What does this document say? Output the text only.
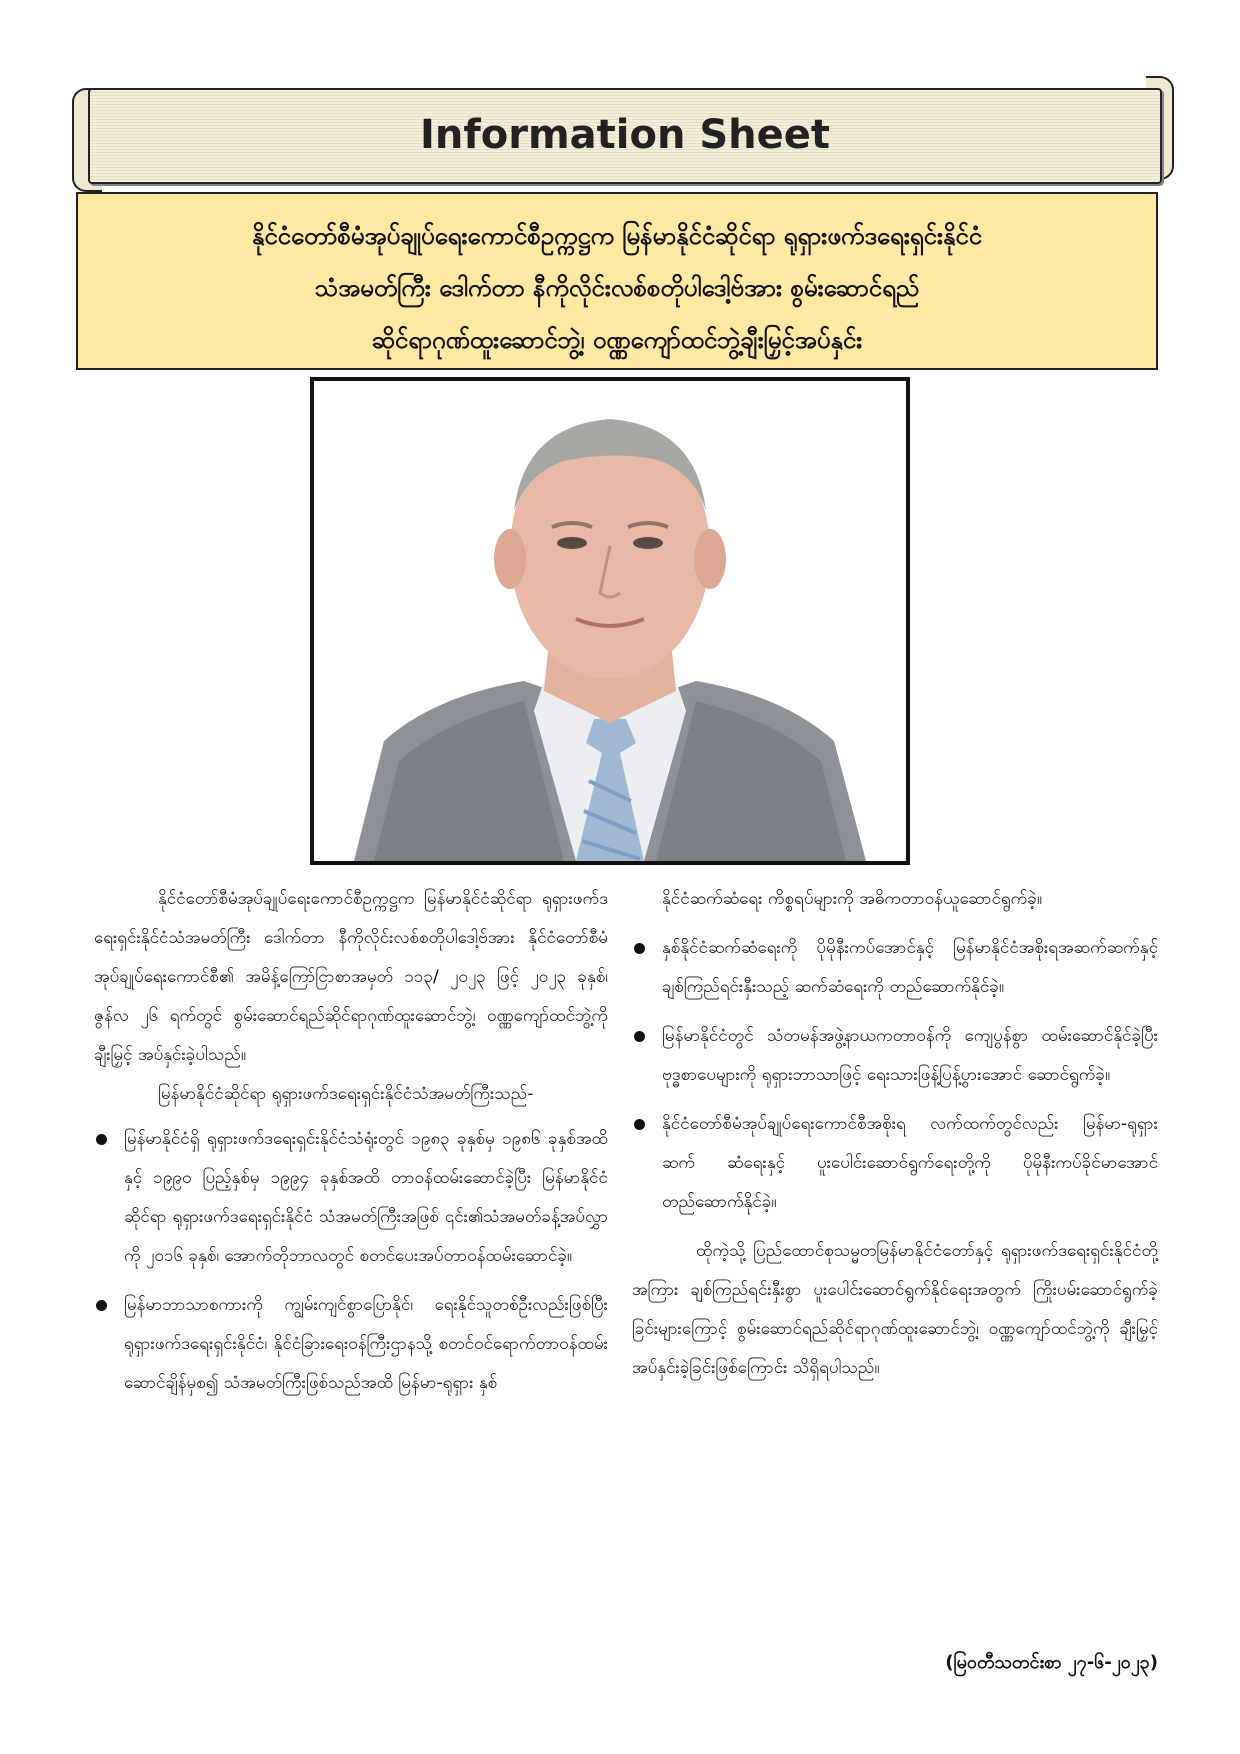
Information Sheet
နိုင်ငံတော်စီမံအုပ်ချုပ်ရေးကောင်စီဥက္ကဋ္ဌက မြန်မာနိုင်ငံဆိုင်ရာ ရုရှားဖက်ဒရေးရှင်းနိုင်ငံ
သံအမတ်ကြီး ဒေါက်တာ နီကိုလိုင်းလစ်စတိုပါဒေါ့ဗ်အား စွမ်းဆောင်ရည်
ဆိုင်ရာဂုဏ်ထူးဆောင်ဘွဲ့၊ ဝဏ္ဏကျော်ထင်ဘွဲ့ချီးမြှင့်အပ်နှင်း

နိုင်ငံတော်စီမံအုပ်ချုပ်ရေးကောင်စီဥက္ကဋ္ဌက မြန်မာနိုင်ငံဆိုင်ရာ ရုရှားဖက်ဒရေးရှင်းနိုင်ငံသံအမတ်ကြီး ဒေါက်တာ နီကိုလိုင်းလစ်စတိုပါဒေါ့ဗ်အား နိုင်ငံတော်စီမံအုပ်ချုပ်ရေးကောင်စီ၏ အမိန့်ကြော်ငြာစာအမှတ် ၁၁၃/ ၂၀၂၃ ဖြင့် ၂၀၂၃ ခုနှစ်၊ ဇွန်လ ၂၆ ရက်တွင် စွမ်းဆောင်ရည်ဆိုင်ရာဂုဏ်ထူးဆောင်ဘွဲ့၊ ဝဏ္ဏကျော်ထင်ဘွဲ့ကို ချီးမြှင့် အပ်နှင်းခဲ့ပါသည်။

မြန်မာနိုင်ငံဆိုင်ရာ ရုရှားဖက်ဒရေးရှင်းနိုင်ငံသံအမတ်ကြီးသည်-

မြန်မာနိုင်ငံရှိ ရုရှားဖက်ဒရေးရှင်းနိုင်ငံသံရုံးတွင် ၁၉၈၃ ခုနှစ်မှ ၁၉၈၆ ခုနှစ်အထိနှင့် ၁၉၉၀ ပြည့်နှစ်မှ ၁၉၉၄ ခုနှစ်အထိ တာဝန်ထမ်းဆောင်ခဲ့ပြီး မြန်မာနိုင်ငံဆိုင်ရာ ရုရှားဖက်ဒရေးရှင်းနိုင်ငံ သံအမတ်ကြီးအဖြစ် ၎င်း၏သံအမတ်ခန့်အပ်လွှာကို ၂၀၁၆ ခုနှစ်၊ အောက်တိုဘာလတွင် စတင်ပေးအပ်တာဝန်ထမ်းဆောင်ခဲ့။
မြန်မာဘာသာစကားကို ကျွမ်းကျင်စွာပြောနိုင်၊ ရေးနိုင်သူတစ်ဦးလည်းဖြစ်ပြီး ရုရှားဖက်ဒရေးရှင်းနိုင်ငံ၊ နိုင်ငံခြားရေးဝန်ကြီးဌာနသို့ စတင်ဝင်ရောက်တာဝန်ထမ်းဆောင်ချိန်မှစ၍ သံအမတ်ကြီးဖြစ်သည်အထိ မြန်မာ-ရုရှား နှစ်
နိုင်ငံဆက်ဆံရေး ကိစ္စရပ်များကို အဓိကတာဝန်ယူဆောင်ရွက်ခဲ့။
နှစ်နိုင်ငံဆက်ဆံရေးကို ပိုမိုနီးကပ်အောင်နှင့် မြန်မာနိုင်ငံအစိုးရအဆက်ဆက်နှင့် ချစ်ကြည်ရင်းနှီးသည့် ဆက်ဆံရေးကို တည်ဆောက်နိုင်ခဲ့။
မြန်မာနိုင်ငံတွင် သံတမန်အဖွဲ့နာယကတာဝန်ကို ကျေပွန်စွာ ထမ်းဆောင်နိုင်ခဲ့ပြီး ဗုဒ္ဓစာပေများကို ရုရှားဘာသာဖြင့် ရေးသားဖြန့်ပြန့်ပွားအောင် ဆောင်ရွက်ခဲ့။
နိုင်ငံတော်စီမံအုပ်ချုပ်ရေးကောင်စီအစိုးရ လက်ထက်တွင်လည်း မြန်မာ-ရုရှား ဆက် ဆံရေးနှင့် ပူးပေါင်းဆောင်ရွက်ရေးတို့ကို ပိုမိုနီးကပ်ခိုင်မာအောင် တည်ဆောက်နိုင်ခဲ့။

ထိုကဲ့သို့ ပြည်ထောင်စုသမ္မတမြန်မာနိုင်ငံတော်နှင့် ရုရှားဖက်ဒရေးရှင်းနိုင်ငံတို့အကြား ချစ်ကြည်ရင်းနှီးစွာ ပူးပေါင်းဆောင်ရွက်နိုင်ရေးအတွက် ကြိုးပမ်းဆောင်ရွက်ခဲ့ခြင်းများကြောင့် စွမ်းဆောင်ရည်ဆိုင်ရာဂုဏ်ထူးဆောင်ဘွဲ့၊ ဝဏ္ဏကျော်ထင်ဘွဲ့ကို ချီးမြှင့်အပ်နှင်းခဲ့ခြင်းဖြစ်ကြောင်း သိရှိရပါသည်။

(မြဝတီသတင်းစာ ၂၇-၆-၂၀၂၃)
